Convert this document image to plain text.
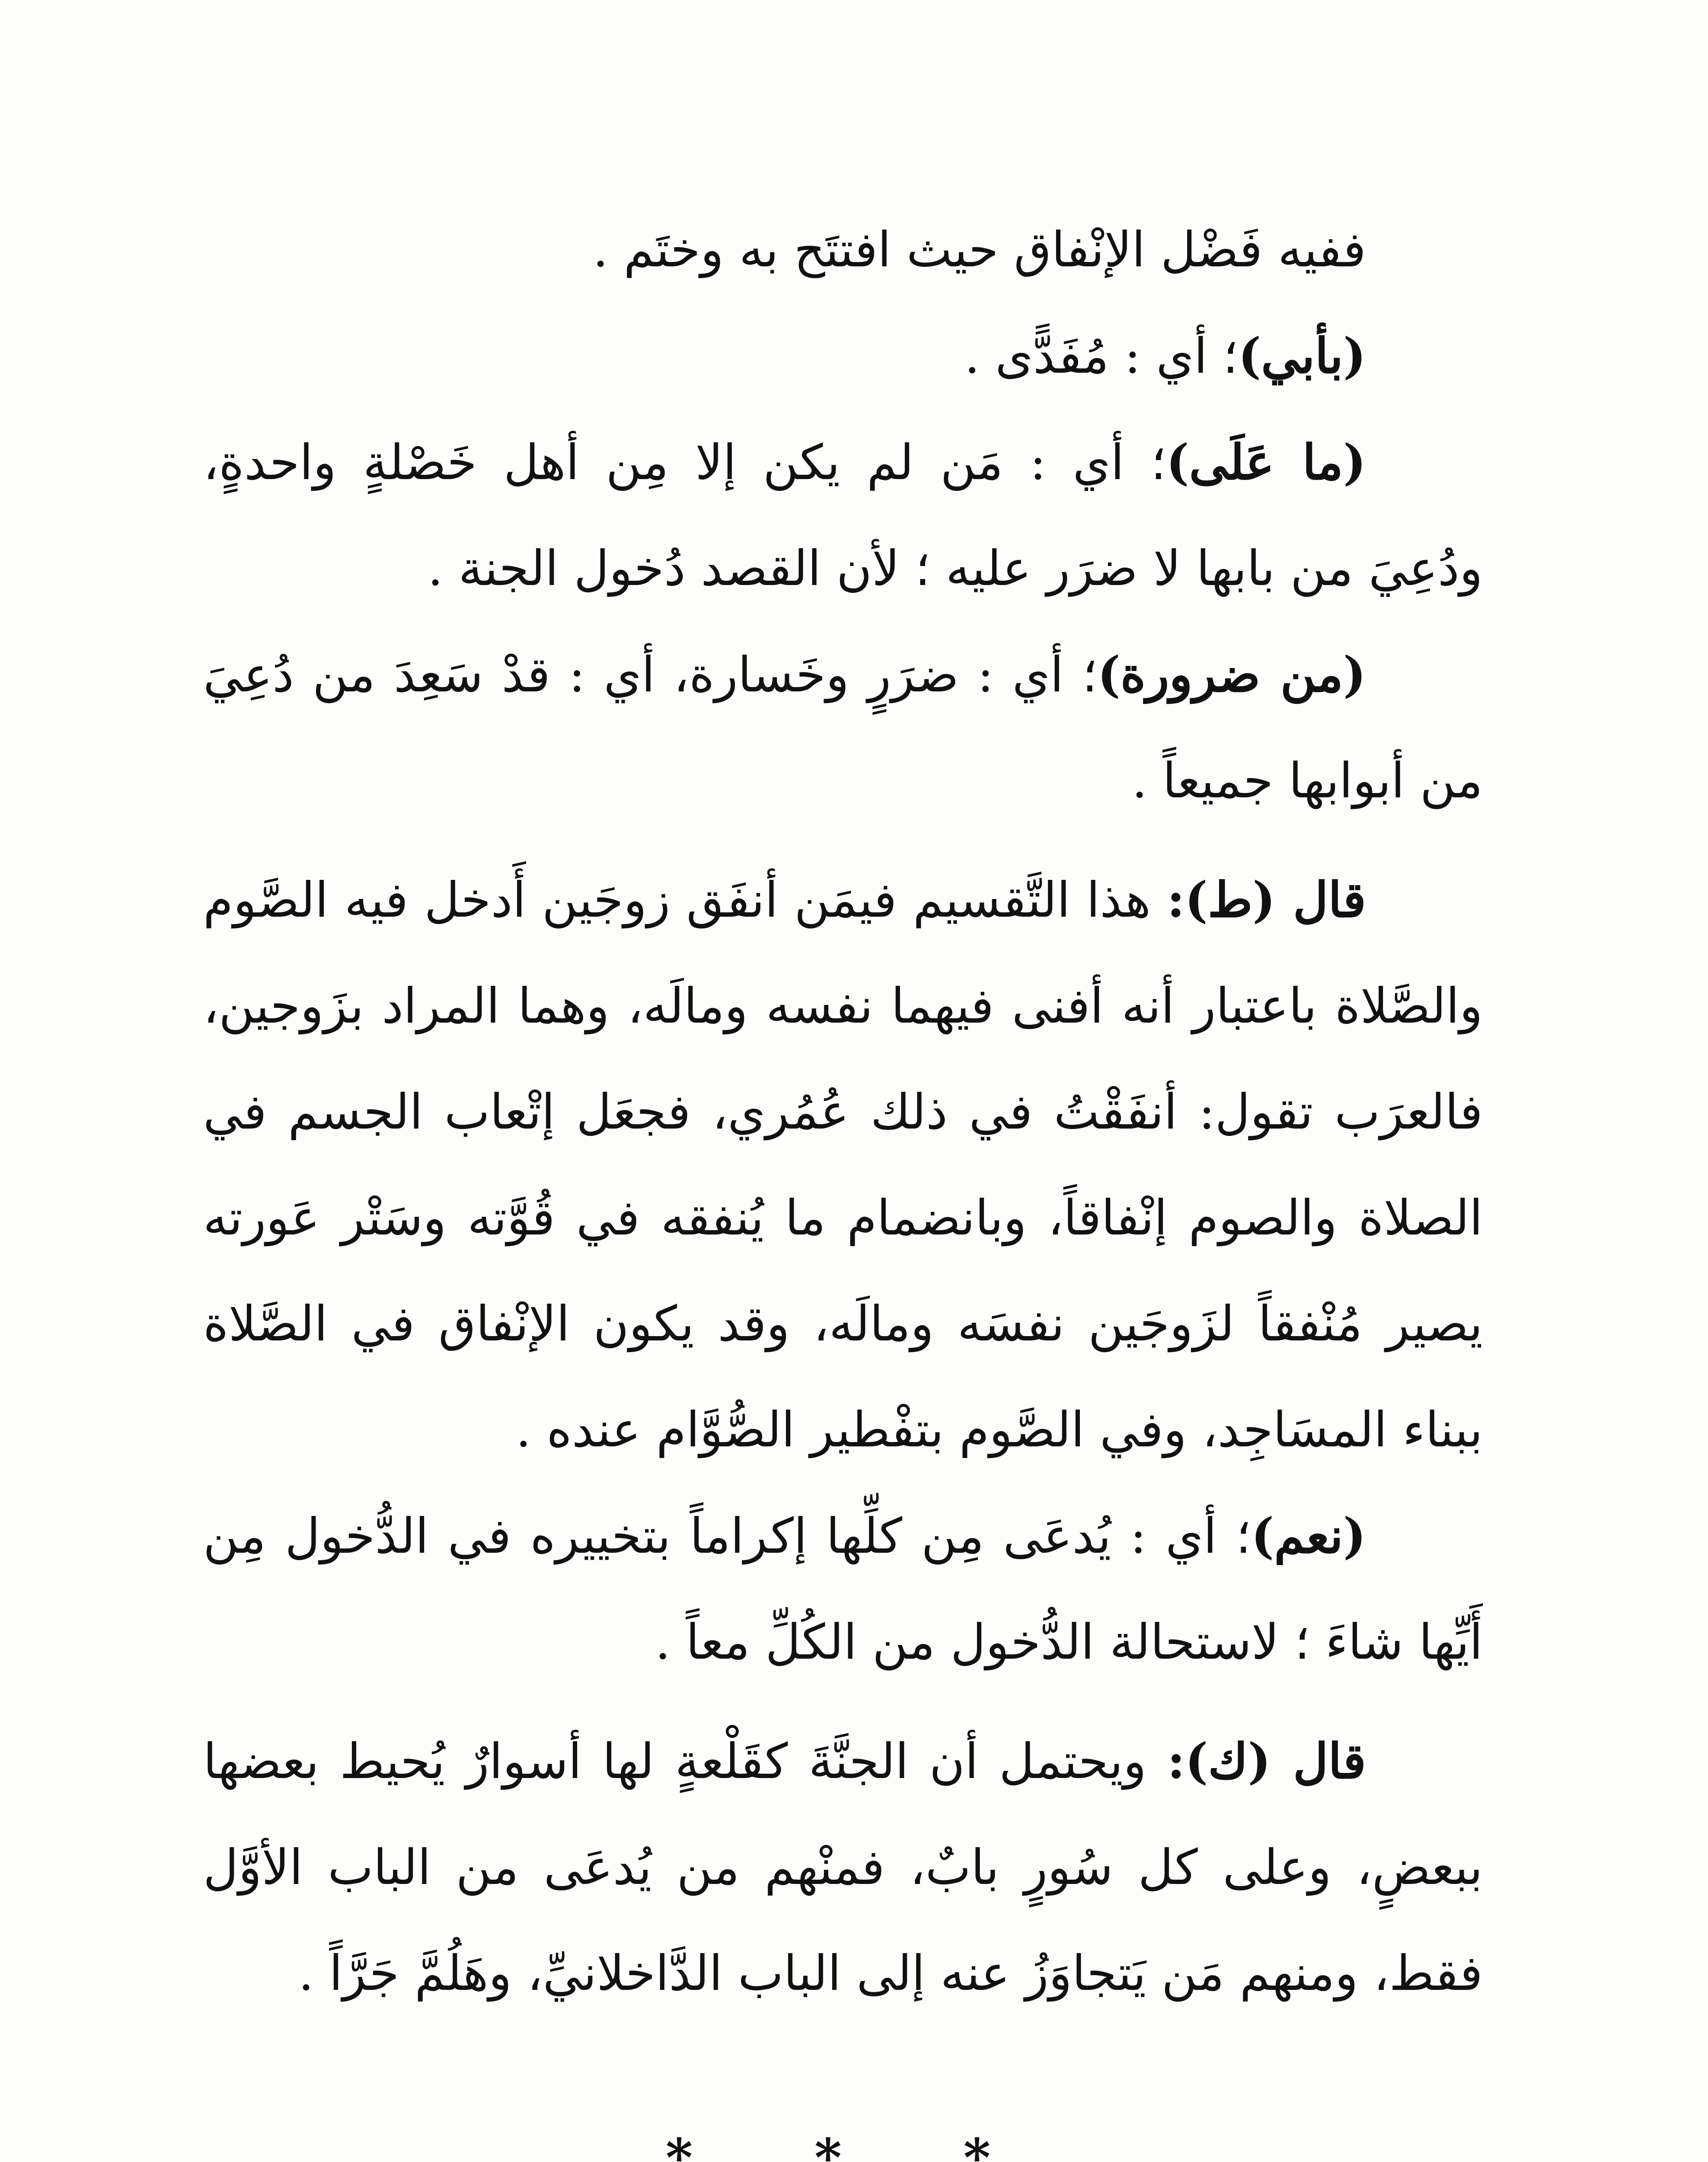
ففيه فَضْل الإنْفاق حيث افتتَح به وختَم .

(بأبي)؛ أي : مُفَدًّى .

(ما عَلَى)؛ أي : مَن لم يكن إلا مِن أهل خَصْلةٍ واحدةٍ، ودُعِيَ من بابها لا ضرَر عليه ؛ لأن القصد دُخول الجنة .

(من ضرورة)؛ أي : ضرَرٍ وخَسارة، أي : قدْ سَعِدَ من دُعِيَ من أبوابها جميعاً .

قال (ط): هذا التَّقسيم فيمَن أنفَق زوجَين أَدخل فيه الصَّوم والصَّلاة باعتبار أنه أفنى فيهما نفسه ومالَه، وهما المراد بزَوجين، فالعرَب تقول: أنفَقْتُ في ذلك عُمُري، فجعَل إتْعاب الجسم في الصلاة والصوم إنْفاقاً، وبانضمام ما يُنفقه في قُوَّته وسَتْر عَورته يصير مُنْفقاً لزَوجَين نفسَه ومالَه، وقد يكون الإنْفاق في الصَّلاة ببناء المسَاجِد، وفي الصَّوم بتفْطير الصُّوَّام عنده .

(نعم)؛ أي : يُدعَى مِن كلِّها إكراماً بتخييره في الدُّخول مِن أَيِّها شاءَ ؛ لاستحالة الدُّخول من الكُلِّ معاً .

قال (ك): ويحتمل أن الجنَّةَ كقَلْعةٍ لها أسوارٌ يُحيط بعضها ببعضٍ، وعلى كل سُورٍ بابٌ، فمنْهم من يُدعَى من الباب الأوَّل فقط، ومنهم مَن يَتجاوَزُ عنه إلى الباب الدَّاخلانيِّ، وهَلُمَّ جَرَّاً .

* * *
